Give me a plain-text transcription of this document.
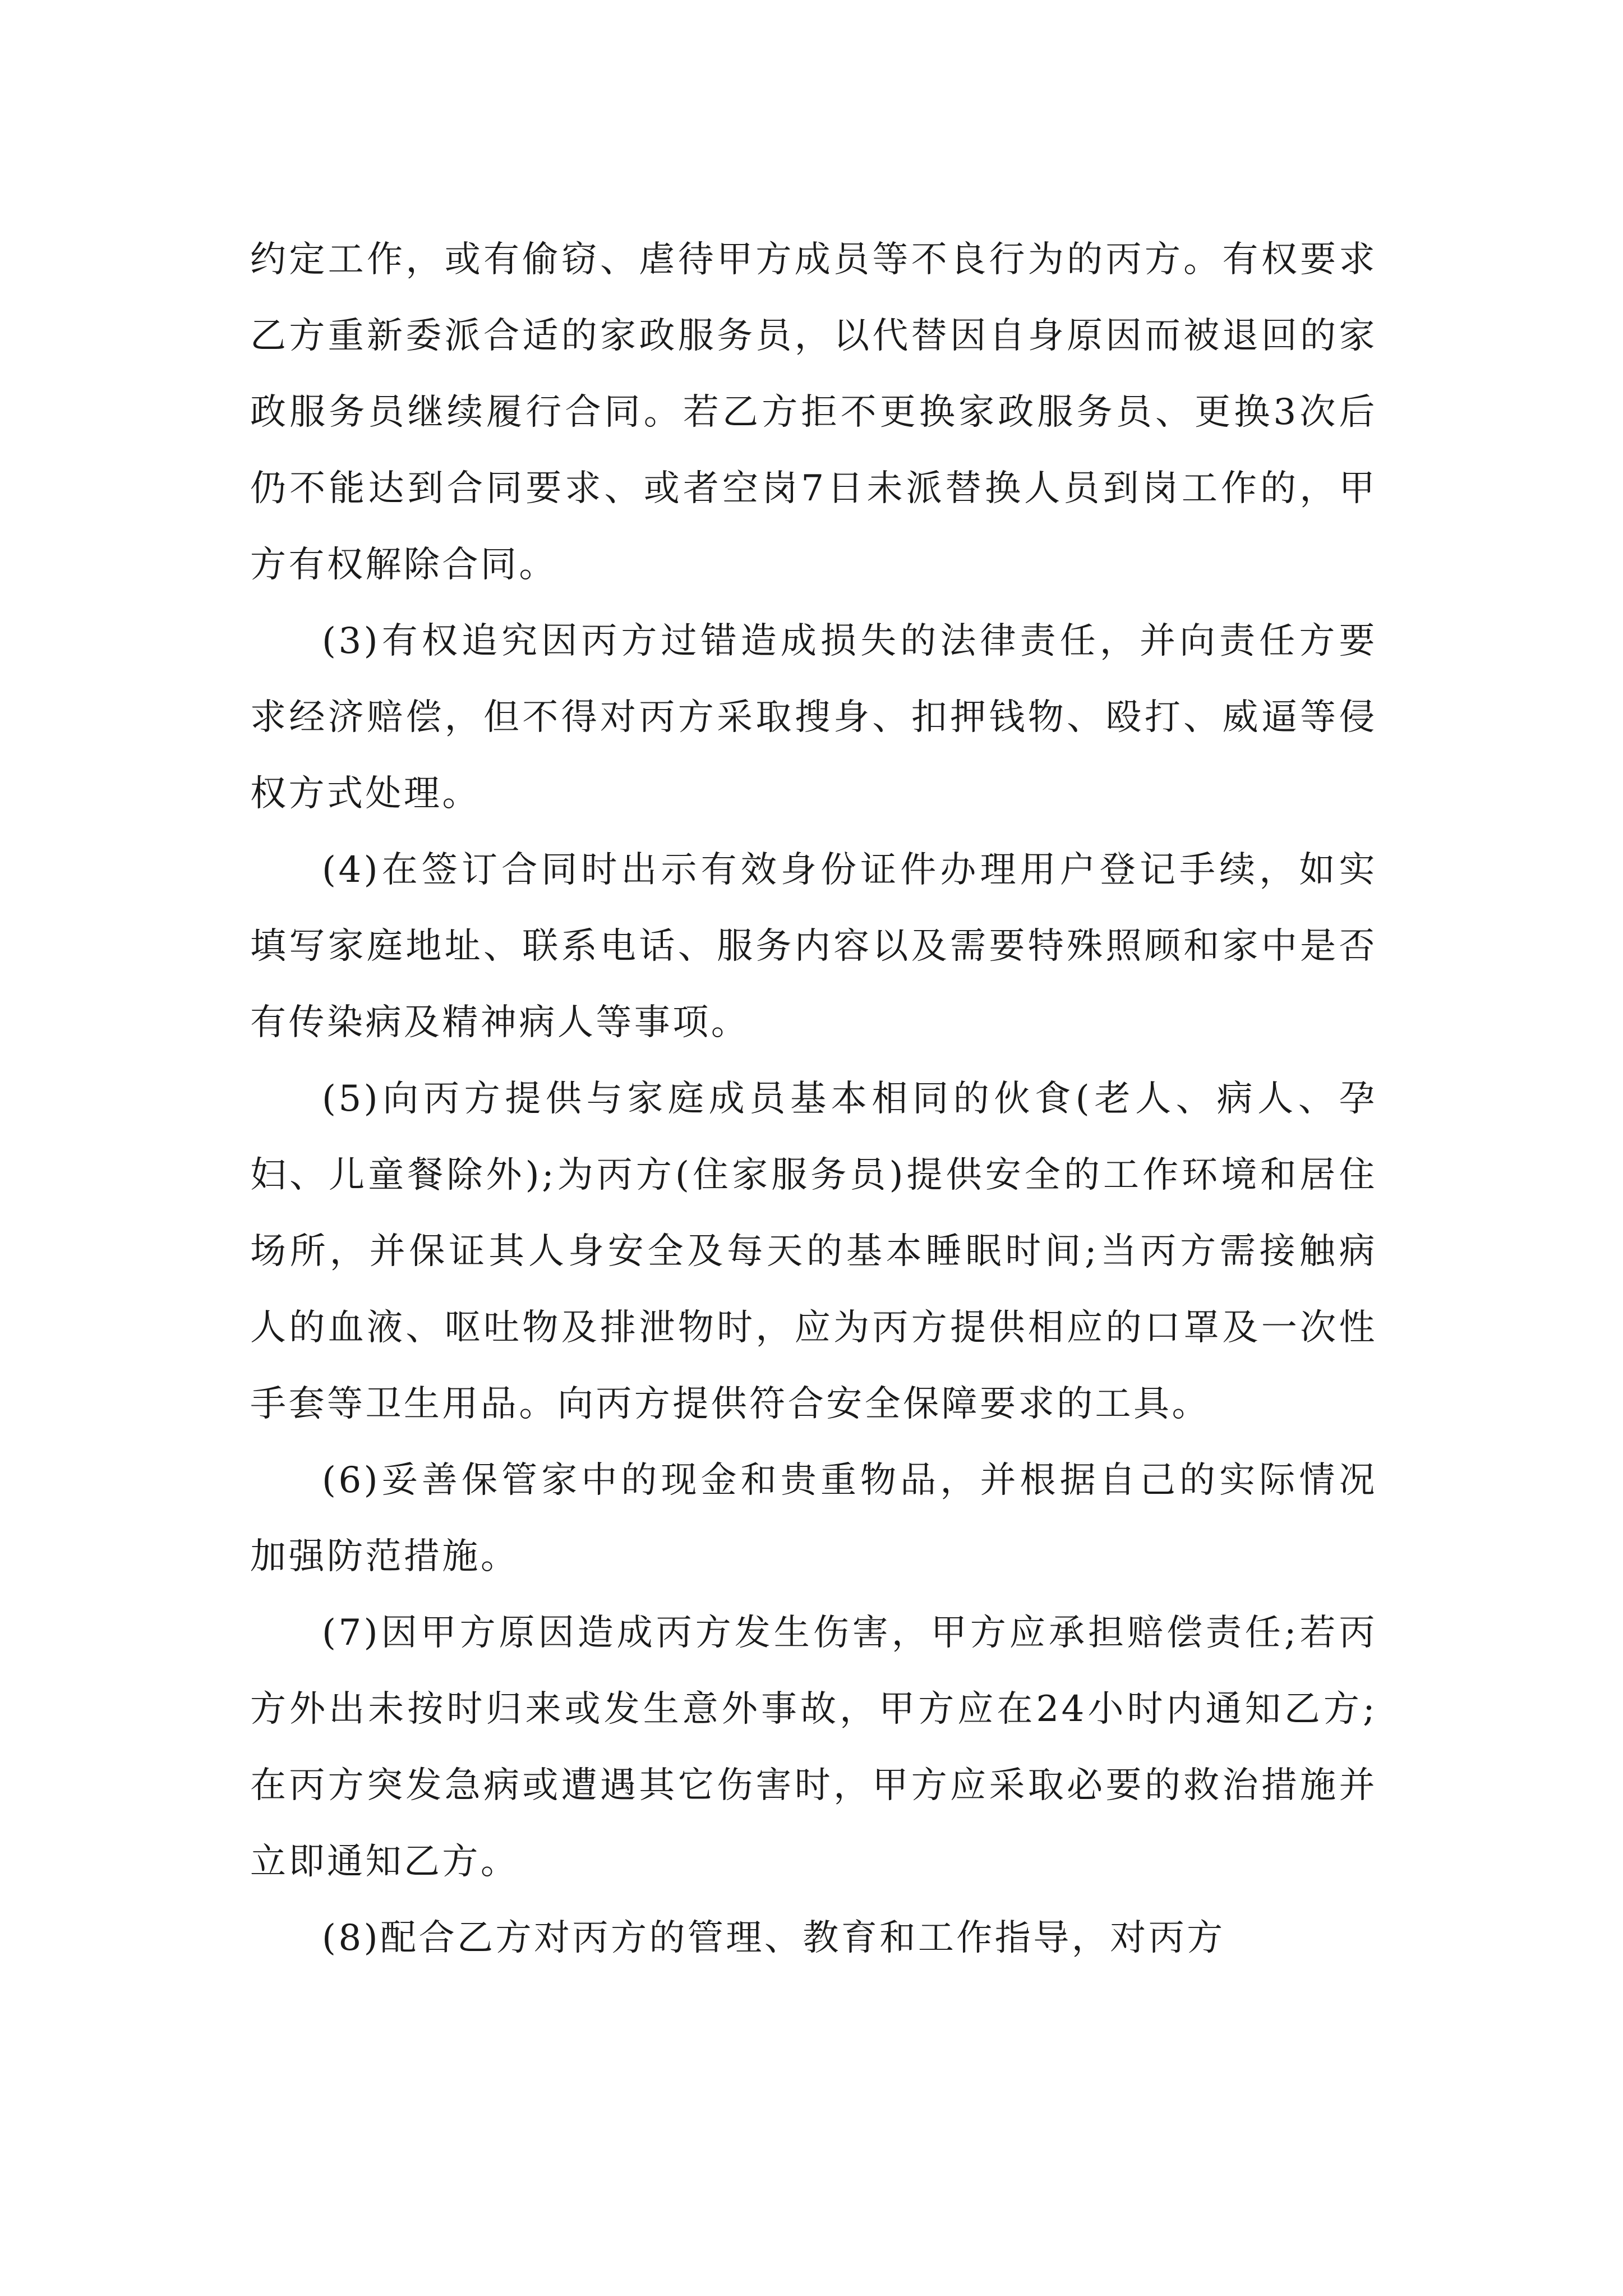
约定工作，或有偷窃、虐待甲方成员等不良行为的丙方。有权要求乙方重新委派合适的家政服务员，以代替因自身原因而被退回的家政服务员继续履行合同。若乙方拒不更换家政服务员、更换3次后仍不能达到合同要求、或者空岗7日未派替换人员到岗工作的，甲方有权解除合同。

(3)有权追究因丙方过错造成损失的法律责任，并向责任方要求经济赔偿，但不得对丙方采取搜身、扣押钱物、殴打、威逼等侵权方式处理。

(4)在签订合同时出示有效身份证件办理用户登记手续，如实填写家庭地址、联系电话、服务内容以及需要特殊照顾和家中是否有传染病及精神病人等事项。

(5)向丙方提供与家庭成员基本相同的伙食(老人、病人、孕妇、儿童餐除外);为丙方(住家服务员)提供安全的工作环境和居住场所，并保证其人身安全及每天的基本睡眠时间;当丙方需接触病人的血液、呕吐物及排泄物时，应为丙方提供相应的口罩及一次性手套等卫生用品。向丙方提供符合安全保障要求的工具。

(6)妥善保管家中的现金和贵重物品，并根据自己的实际情况加强防范措施。

(7)因甲方原因造成丙方发生伤害，甲方应承担赔偿责任;若丙方外出未按时归来或发生意外事故，甲方应在24小时内通知乙方;在丙方突发急病或遭遇其它伤害时，甲方应采取必要的救治措施并立即通知乙方。

(8)配合乙方对丙方的管理、教育和工作指导，对丙方
